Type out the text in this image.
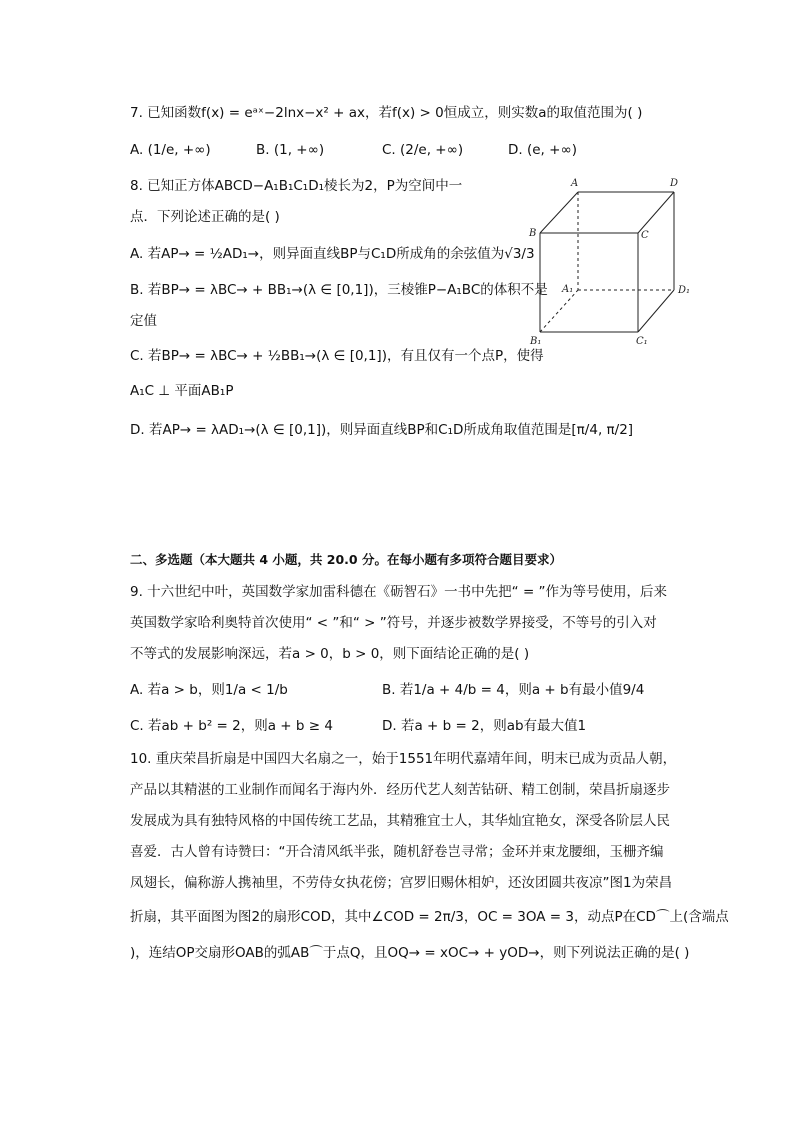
7. 已知函数f(x) = eᵃˣ−2lnx−x² + ax，若f(x) > 0恒成立，则实数a的取值范围为( )
A. (1/e, +∞)	B. (1, +∞)	C. (2/e, +∞)	D. (e, +∞)
8. 已知正方体ABCD−A₁B₁C₁D₁棱长为2，P为空间中一
点．下列论述正确的是( )
A. 若AP→ = ½AD₁→，则异面直线BP与C₁D所成角的余弦值为√3/3
B. 若BP→ = λBC→ + BB₁→(λ ∈ [0,1])，三棱锥P−A₁BC的体积不是
定值
C. 若BP→ = λBC→ + ½BB₁→(λ ∈ [0,1])，有且仅有一个点P，使得
A₁C ⊥ 平面AB₁P
D. 若AP→ = λAD₁→(λ ∈ [0,1])，则异面直线BP和C₁D所成角取值范围是[π/4, π/2]
A	D
B	C
A₁	D₁
B₁	C₁
二、多选题（本大题共 4 小题，共 20.0 分。在每小题有多项符合题目要求）
9. 十六世纪中叶，英国数学家加雷科德在《砺智石》一书中先把“ = ”作为等号使用，后来
英国数学家哈利奥特首次使用“ < ”和“ > ”符号，并逐步被数学界接受，不等号的引入对
不等式的发展影响深远，若a > 0，b > 0，则下面结论正确的是( )
A. 若a > b，则1/a < 1/b	B. 若1/a + 4/b = 4，则a + b有最小值9/4
C. 若ab + b² = 2，则a + b ≥ 4	D. 若a + b = 2，则ab有最大值1
10. 重庆荣昌折扇是中国四大名扇之一，始于1551年明代嘉靖年间，明末已成为贡品人朝，
产品以其精湛的工业制作而闻名于海内外．经历代艺人刻苦钻研、精工创制，荣昌折扇逐步
发展成为具有独特风格的中国传统工艺品，其精雅宜士人，其华灿宜艳女，深受各阶层人民
喜爱．古人曾有诗赞曰：“开合清风纸半张，随机舒卷岂寻常；金环并束龙腰细，玉栅齐编
凤翅长，偏称游人携袖里，不劳侍女执花傍；宫罗旧赐休相妒，还汝团圆共夜凉”图1为荣昌
折扇，其平面图为图2的扇形COD，其中∠COD = 2π/3，OC = 3OA = 3，动点P在CD⌒上(含端点
)，连结OP交扇形OAB的弧AB⌒于点Q，且OQ→ = xOC→ + yOD→，则下列说法正确的是( )
